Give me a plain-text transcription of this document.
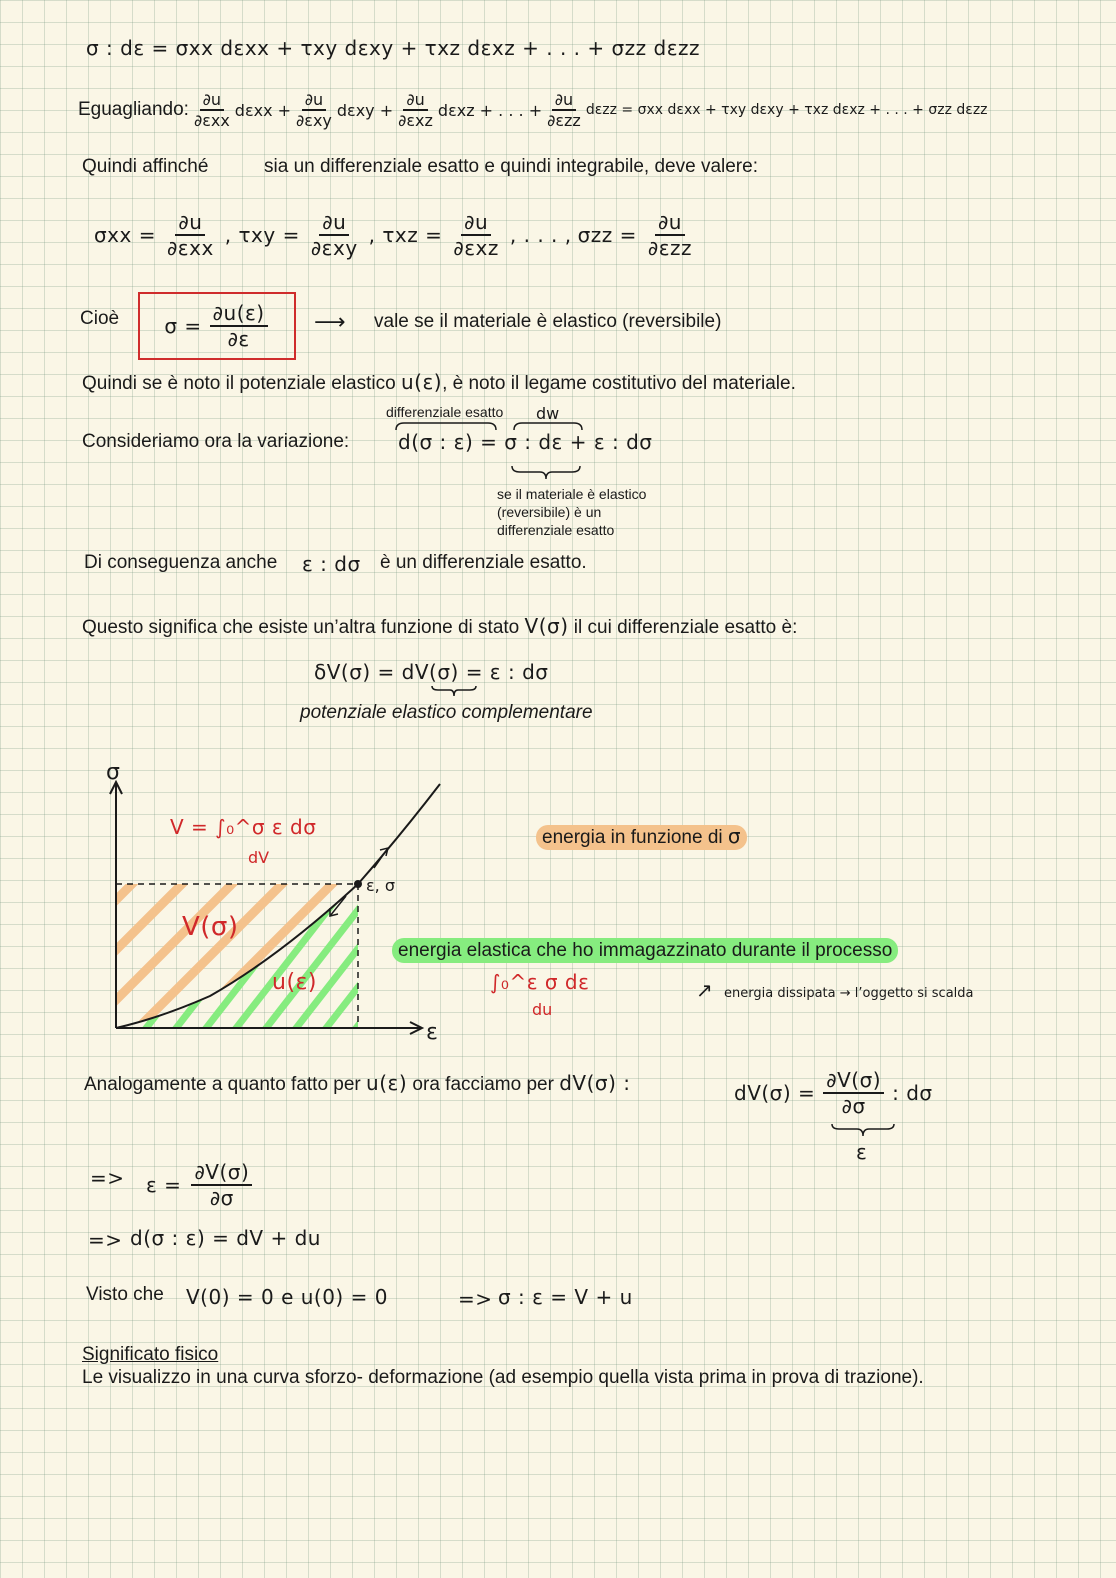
σ : dε = σxx dεxx + τxy dεxy + τxz dεxz + . . . + σzz dεzz
Eguagliando: $\frac{\partial u}{\text{∂εxx}}$ $d\varepsilon xx + \frac{\partial u}{\text{∂εxy}}$ $d\varepsilon xy + \frac{\partial u}{\text{∂εxz}}$ dεxz + . . . + $\frac{\partial u}{\text{∂εzz}}$ dεzz = σxx dεxx + τxy dεxy + τxz dεxz + . . . + σzz dεzz
Quindi affinché	sia un differenziale esatto e quindi integrabile, deve valere:
$\sigma xx = \frac{\partial u}{\text{∂εxx}}$ , $\tau xy = \frac{\partial u}{\text{∂εxy}}$ , $\tau xz = \frac{\partial u}{\text{∂εxz}}$ , . . . , $\sigma zz = \frac{\partial u}{\text{∂εzz}}$
Cioè $\sigma = \frac{\partial u(\varepsilon)}{\partial\varepsilon}$ ⟶ vale se il materiale è elastico (reversibile)
Quindi se è noto il potenziale elastico u(ε), è noto il legame costitutivo del materiale.
differenziale esatto dw
Consideriamo ora la variazione: d(σ : ε) = σ : dε + ε : dσ
se il materiale è elastico
(reversibile) è un
differenziale esatto
Di conseguenza anche ε : dσ è un differenziale esatto.
Questo significa che esiste un’altra funzione di stato V(σ) il cui differenziale esatto è:
δV(σ) = dV(σ) = ε : dσ
potenziale elastico complementare
σ
ε
ε, σ
V = ∫₀^σ ε dσ
dV
V(σ)
u(ε)
energia in funzione di σ
energia elastica che ho immagazzinato durante il processo
∫₀^ε σ dε
du
↗ energia dissipata → l’oggetto si scalda
Analogamente a quanto fatto per u(ε) ora facciamo per dV(σ) :	$dV(\sigma) = \frac{\partial V(\sigma)}{\partial\sigma}$ : dσ
ε
=> $\varepsilon = \frac{\partial V(\sigma)}{\partial\sigma}$
=> d(σ : ε) = dV + du
Visto che V(0) = 0 e u(0) = 0	=> σ : ε = V + u
Significato fisico
Le visualizzo in una curva sforzo- deformazione (ad esempio quella vista prima in prova di trazione).
